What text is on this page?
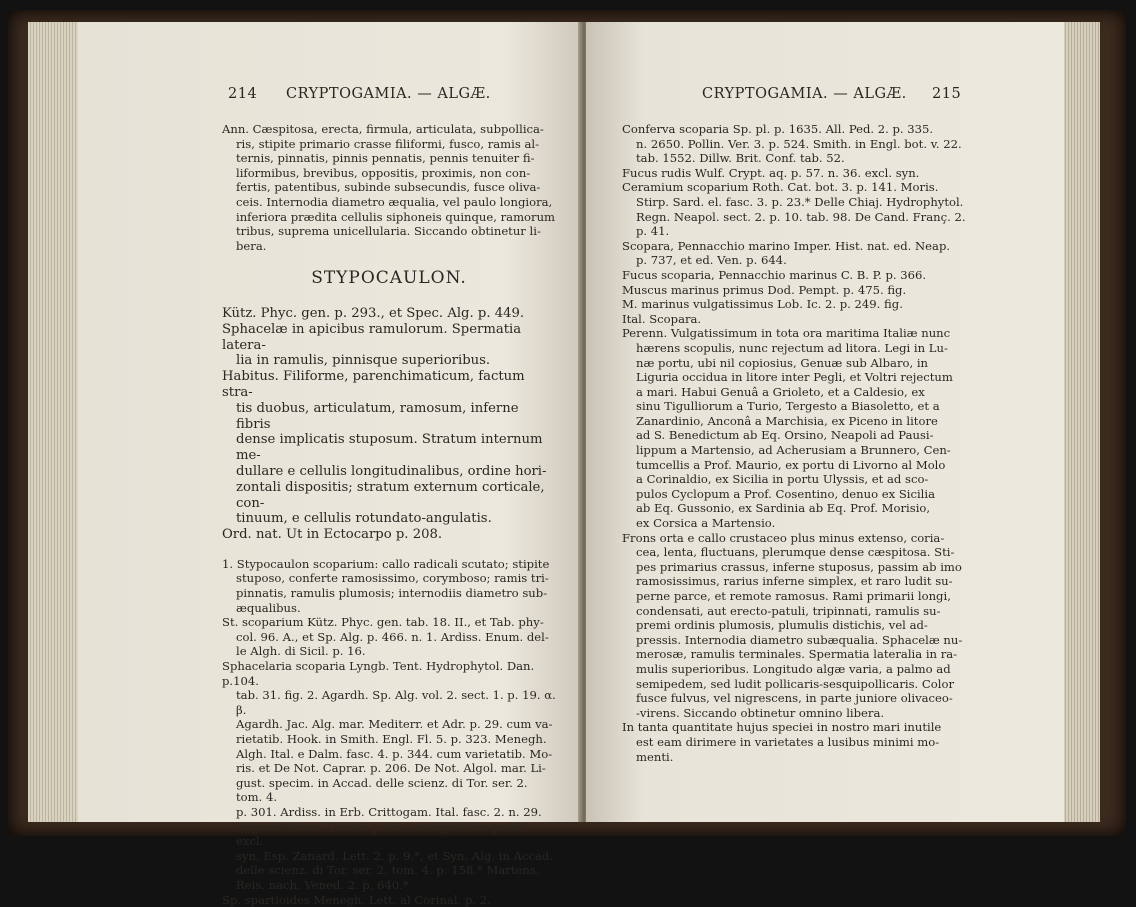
214 CRYPTOGAMIA. — ALGÆ.

Ann. Cæspitosa, erecta, firmula, articulata, subpollica-

ris, stipite primario crasse filiformi, fusco, ramis al-

ternis, pinnatis, pinnis pennatis, pennis tenuiter fi-

liformibus, brevibus, oppositis, proximis, non con-

fertis, patentibus, subinde subsecundis, fusce oliva-

ceis. Internodia diametro æqualia, vel paulo longiora,

inferiora prædita cellulis siphoneis quinque, ramorum

tribus, suprema unicellularia. Siccando obtinetur li-

bera.

STYPOCAULON.

Kütz. Phyc. gen. p. 293., et Spec. Alg. p. 449.

Sphacelæ in apicibus ramulorum. Spermatia latera-

lia in ramulis, pinnisque superioribus.

Habitus. Filiforme, parenchimaticum, factum stra-

tis duobus, articulatum, ramosum, inferne fibris

dense implicatis stuposum. Stratum internum me-

dullare e cellulis longitudinalibus, ordine hori-

zontali dispositis; stratum externum corticale, con-

tinuum, e cellulis rotundato-angulatis.

Ord. nat. Ut in Ectocarpo p. 208.

1. Stypocaulon scoparium: callo radicali scutato; stipite

stuposo, conferte ramosissimo, corymboso; ramis tri-

pinnatis, ramulis plumosis; internodiis diametro sub-

æqualibus.

St. scoparium Kütz. Phyc. gen. tab. 18. II., et Tab. phy-

col. 96. A., et Sp. Alg. p. 466. n. 1. Ardiss. Enum. del-

le Algh. di Sicil. p. 16.

Sphacelaria scoparia Lyngb. Tent. Hydrophytol. Dan. p.104.

tab. 31. fig. 2. Agardh. Sp. Alg. vol. 2. sect. 1. p. 19. α. β.

Agardh. Jac. Alg. mar. Mediterr. et Adr. p. 29. cum va-

rietatib. Hook. in Smith. Engl. Fl. 5. p. 323. Menegh.

Algh. Ital. e Dalm. fasc. 4. p. 344. cum varietatib. Mo-

ris. et De Not. Caprar. p. 206. De Not. Algol. mar. Li-

gust. specim. in Accad. delle scienz. di Tor. ser. 2. tom. 4.

p. 301. Ardiss. in Erb. Crittogam. Ital. fasc. 2. n. 29.

virgata.* Nacc. Ven. 6. p. 66., et Algol. Adr. p. 42. excl.

syn. Esp. Zanard. Lett. 2. p. 9.*, et Syn. Alg. in Accad.

delle scienz. di Tor. ser. 2. tom. 4. p. 158.* Martens.

Reis. nach. Vened. 2. p. 640.*

Sp. spartioides Menegh. Lett. al Corinal. p. 2.

CRYPTOGAMIA. — ALGÆ. 215

Conferva scoparia Sp. pl. p. 1635. All. Ped. 2. p. 335.

n. 2650. Pollin. Ver. 3. p. 524. Smith. in Engl. bot. v. 22.

tab. 1552. Dillw. Brit. Conf. tab. 52.

Fucus rudis Wulf. Crypt. aq. p. 57. n. 36. excl. syn.

Ceramium scoparium Roth. Cat. bot. 3. p. 141. Moris.

Stirp. Sard. el. fasc. 3. p. 23.* Delle Chiaj. Hydrophytol.

Regn. Neapol. sect. 2. p. 10. tab. 98. De Cand. Franç. 2.

p. 41.

Scopara, Pennacchio marino Imper. Hist. nat. ed. Neap.

p. 737, et ed. Ven. p. 644.

Fucus scoparia, Pennacchio marinus C. B. P. p. 366.

Muscus marinus primus Dod. Pempt. p. 475. fig.

M. marinus vulgatissimus Lob. Ic. 2. p. 249. fig.

Ital. Scopara.

Perenn. Vulgatissimum in tota ora maritima Italiæ nunc

hærens scopulis, nunc rejectum ad litora. Legi in Lu-

næ portu, ubi nil copiosius, Genuæ sub Albaro, in

Liguria occidua in litore inter Pegli, et Voltri rejectum

a mari. Habui Genuâ a Grioleto, et a Caldesio, ex

sinu Tigulliorum a Turio, Tergesto a Biasoletto, et a

Zanardinio, Anconâ a Marchisia, ex Piceno in litore

ad S. Benedictum ab Eq. Orsino, Neapoli ad Pausi-

lippum a Martensio, ad Acherusiam a Brunnero, Cen-

tumcellis a Prof. Maurio, ex portu di Livorno al Molo

a Corinaldio, ex Sicilia in portu Ulyssis, et ad sco-

pulos Cyclopum a Prof. Cosentino, denuo ex Sicilia

ab Eq. Gussonio, ex Sardinia ab Eq. Prof. Morisio,

ex Corsica a Martensio.

Frons orta e callo crustaceo plus minus extenso, coria-

cea, lenta, fluctuans, plerumque dense cæspitosa. Sti-

pes primarius crassus, inferne stuposus, passim ab imo

ramosissimus, rarius inferne simplex, et raro ludit su-

perne parce, et remote ramosus. Rami primarii longi,

condensati, aut erecto-patuli, tripinnati, ramulis su-

premi ordinis plumosis, plumulis distichis, vel ad-

pressis. Internodia diametro subæqualia. Sphacelæ nu-

merosæ, ramulis terminales. Spermatia lateralia in ra-

mulis superioribus. Longitudo algæ varia, a palmo ad

semipedem, sed ludit pollicaris-sesquipollicaris. Color

fusce fulvus, vel nigrescens, in parte juniore olivaceo-

-virens. Siccando obtinetur omnino libera.

In tanta quantitate hujus speciei in nostro mari inutile

est eam dirimere in varietates a lusibus minimi mo-

menti.
